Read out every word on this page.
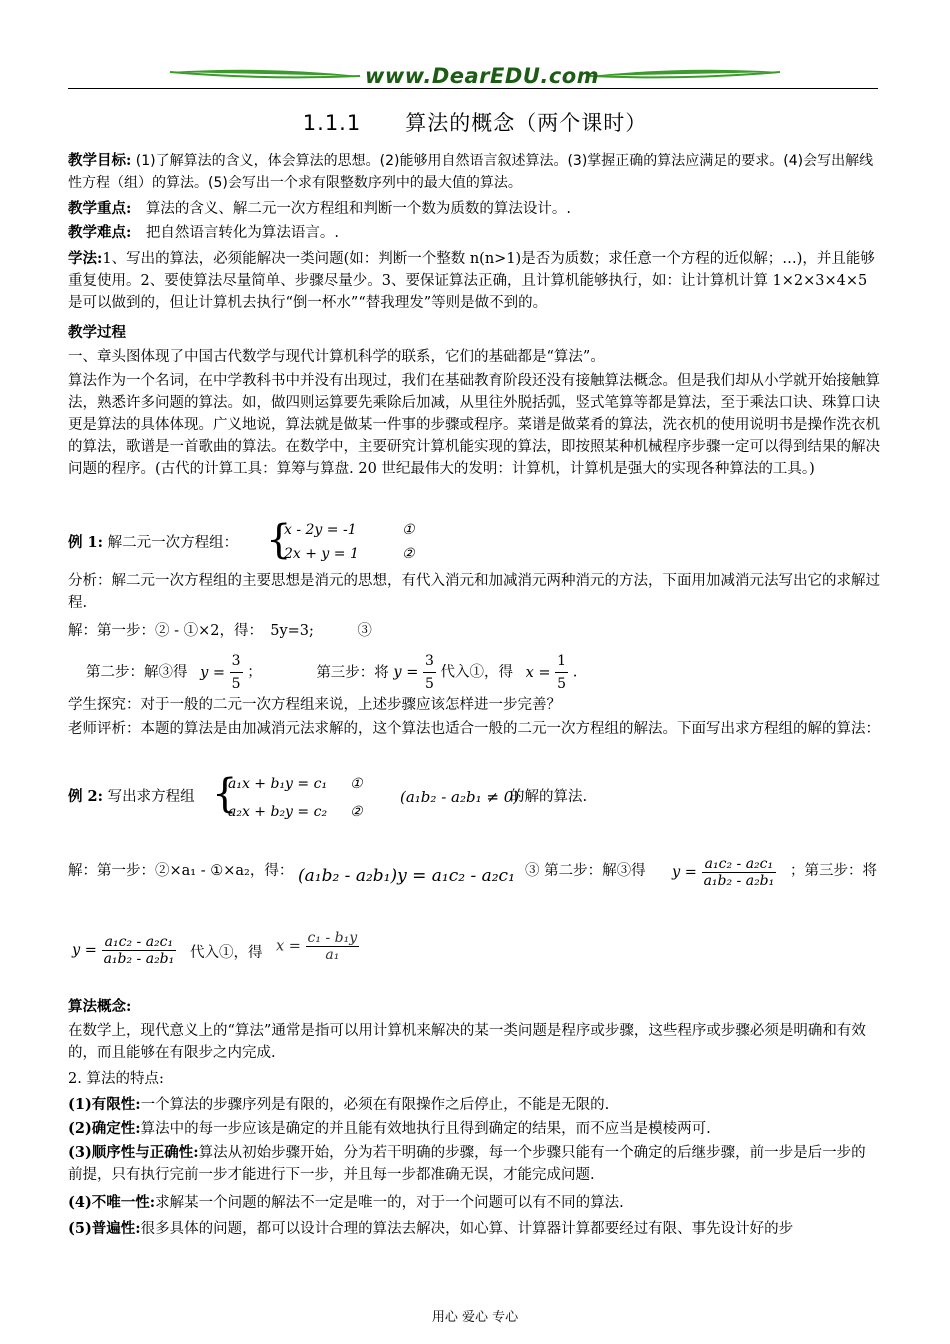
www.DearEDU.com
1.1.1　　算法的概念（两个课时）

教学目标: (1)了解算法的含义，体会算法的思想。(2)能够用自然语言叙述算法。(3)掌握正确的算法应满足的要求。(4)会写出解线性方程（组）的算法。(5)会写出一个求有限整数序列中的最大值的算法。

教学重点:　算法的含义、解二元一次方程组和判断一个数为质数的算法设计。.

教学难点:　把自然语言转化为算法语言。.

学法:1、写出的算法，必须能解决一类问题(如：判断一个整数 n(n>1)是否为质数；求任意一个方程的近似解；…)，并且能够重复使用。2、要使算法尽量简单、步骤尽量少。3、要保证算法正确，且计算机能够执行，如：让计算机计算 1×2×3×4×5 是可以做到的，但让计算机去执行“倒一杯水”“替我理发”等则是做不到的。

教学过程

一、章头图体现了中国古代数学与现代计算机科学的联系，它们的基础都是“算法”。

算法作为一个名词，在中学教科书中并没有出现过，我们在基础教育阶段还没有接触算法概念。但是我们却从小学就开始接触算法，熟悉许多问题的算法。如，做四则运算要先乘除后加减，从里往外脱括弧，竖式笔算等都是算法，至于乘法口诀、珠算口诀更是算法的具体体现。广义地说，算法就是做某一件事的步骤或程序。菜谱是做菜肴的算法，洗衣机的使用说明书是操作洗衣机的算法，歌谱是一首歌曲的算法。在数学中，主要研究计算机能实现的算法，即按照某种机械程序步骤一定可以得到结果的解决问题的程序。(古代的计算工具：算筹与算盘. 20 世纪最伟大的发明：计算机，计算机是强大的实现各种算法的工具。)

例 1: 解二元一次方程组： {
x - 2y = -1	①
2x + y = 1	②

分析：解二元一次方程组的主要思想是消元的思想，有代入消元和加减消元两种消元的方法，下面用加减消元法写出它的求解过程.

解：第一步：② - ①×2，得：　5y=3;　　　③

第二步：解③得 $y = \frac{3}{5}$ ；	第三步：将 $y = \frac{3}{5}$ 代入①，得 $x = \frac{1}{5}$ .

学生探究：对于一般的二元一次方程组来说，上述步骤应该怎样进一步完善？

老师评析：本题的算法是由加减消元法求解的，这个算法也适合一般的二元一次方程组的解法。下面写出求方程组的解的算法：

例 2: 写出求方程组 {
a₁x + b₁y = c₁ ①
a₂x + b₂y = c₂ ②
(a₁b₂ - a₂b₁ ≠ 0)
的解的算法.
解：第一步：②×a₁ - ①×a₂，得： (a₁b₂ - a₂b₁)y = a₁c₂ - a₂c₁ ③ 第二步：解③得	$y = \frac{\text{a₁c₂ - a₂c₁}}{\text{a₁b₂ - a₂b₁}}$ ；第三步：将
$y = \frac{\text{a₁c₂ - a₂c₁}}{\text{a₁b₂ - a₂b₁}}$ 代入①，得 $x = \frac{\text{c₁ - b₁y}}{\text{a₁}}$

算法概念:

在数学上，现代意义上的“算法”通常是指可以用计算机来解决的某一类问题是程序或步骤，这些程序或步骤必须是明确和有效的，而且能够在有限步之内完成.

2. 算法的特点:

(1)有限性:一个算法的步骤序列是有限的，必须在有限操作之后停止，不能是无限的.

(2)确定性:算法中的每一步应该是确定的并且能有效地执行且得到确定的结果，而不应当是模棱两可.

(3)顺序性与正确性:算法从初始步骤开始，分为若干明确的步骤，每一个步骤只能有一个确定的后继步骤，前一步是后一步的前提，只有执行完前一步才能进行下一步，并且每一步都准确无误，才能完成问题.

(4)不唯一性:求解某一个问题的解法不一定是唯一的，对于一个问题可以有不同的算法.

(5)普遍性:很多具体的问题，都可以设计合理的算法去解决，如心算、计算器计算都要经过有限、事先设计好的步

用心 爱心 专心
